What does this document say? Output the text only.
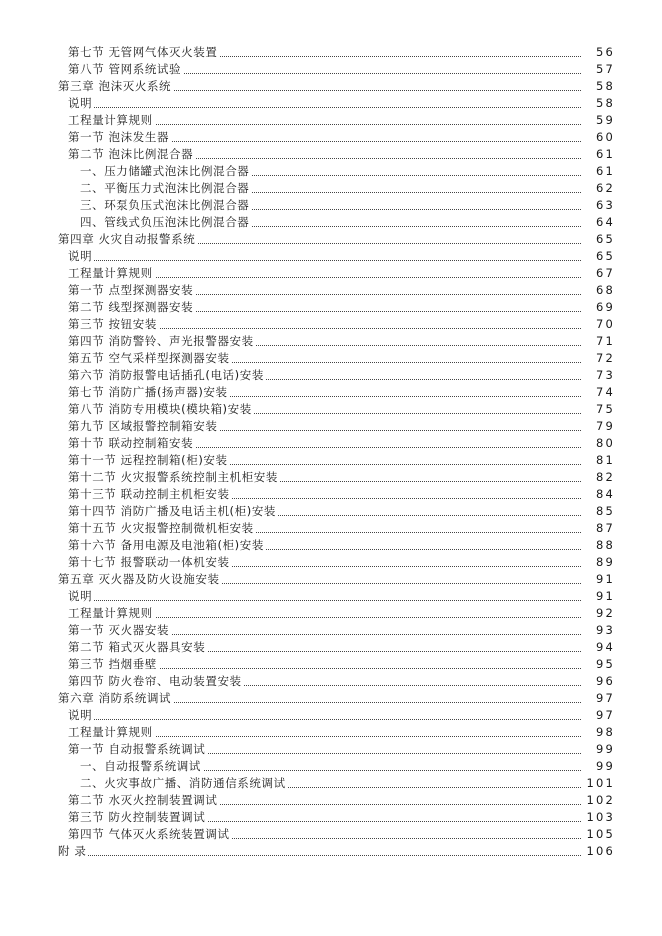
第七节 无管网气体灭火装置	56
第八节 管网系统试验	57
第三章 泡沫灭火系统	58
说明	58
工程量计算规则	59
第一节 泡沫发生器	60
第二节 泡沫比例混合器	61
一、压力储罐式泡沫比例混合器	61
二、平衡压力式泡沫比例混合器	62
三、环泵负压式泡沫比例混合器	63
四、管线式负压泡沫比例混合器	64
第四章 火灾自动报警系统	65
说明	65
工程量计算规则	67
第一节 点型探测器安装	68
第二节 线型探测器安装	69
第三节 按钮安装	70
第四节 消防警铃、声光报警器安装	71
第五节 空气采样型探测器安装	72
第六节 消防报警电话插孔(电话)安装	73
第七节 消防广播(扬声器)安装	74
第八节 消防专用模块(模块箱)安装	75
第九节 区域报警控制箱安装	79
第十节 联动控制箱安装	80
第十一节 远程控制箱(柜)安装	81
第十二节 火灾报警系统控制主机柜安装	82
第十三节 联动控制主机柜安装	84
第十四节 消防广播及电话主机(柜)安装	85
第十五节 火灾报警控制微机柜安装	87
第十六节 备用电源及电池箱(柜)安装	88
第十七节 报警联动一体机安装	89
第五章 灭火器及防火设施安装	91
说明	91
工程量计算规则	92
第一节 灭火器安装	93
第二节 箱式灭火器具安装	94
第三节 挡烟垂壁	95
第四节 防火卷帘、电动装置安装	96
第六章 消防系统调试	97
说明	97
工程量计算规则	98
第一节 自动报警系统调试	99
一、自动报警系统调试	99
二、火灾事故广播、消防通信系统调试	101
第二节 水灭火控制装置调试	102
第三节 防火控制装置调试	103
第四节 气体灭火系统装置调试	105
附 录	106
